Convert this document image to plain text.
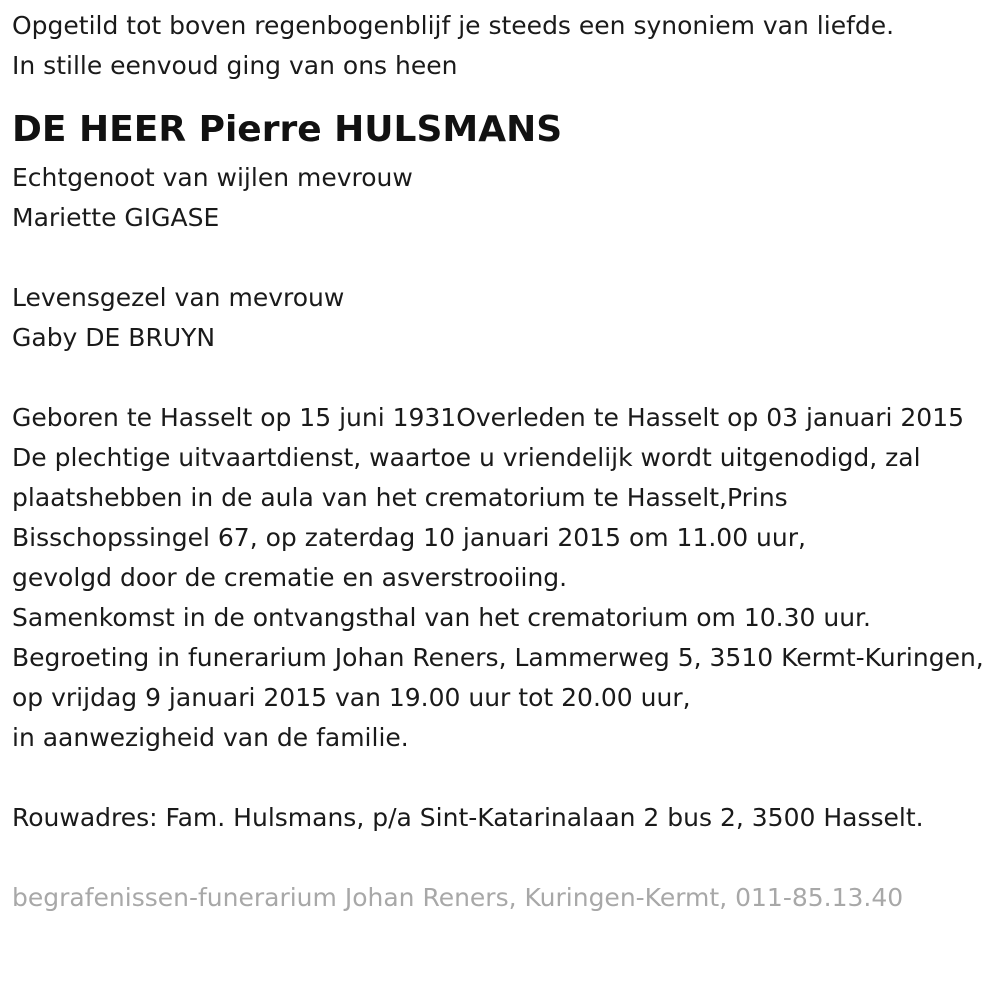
Opgetild tot boven regenbogenblijf je steeds een synoniem van liefde.

In stille eenvoud ging van ons heen

DE HEER Pierre HULSMANS

Echtgenoot van wijlen mevrouw

Mariette GIGASE

Levensgezel van mevrouw

Gaby DE BRUYN

Geboren te Hasselt op 15 juni 1931Overleden te Hasselt op 03 januari 2015

De plechtige uitvaartdienst, waartoe u vriendelijk wordt uitgenodigd, zal plaatshebben in de aula van het crematorium te Hasselt,Prins Bisschopssingel 67, op zaterdag 10 januari 2015 om 11.00 uur,

gevolgd door de crematie en asverstrooiing.

Samenkomst in de ontvangsthal van het crematorium om 10.30 uur.

Begroeting in funerarium Johan Reners, Lammerweg 5, 3510 Kermt-Kuringen, op vrijdag 9 januari 2015 van 19.00 uur tot 20.00 uur,

in aanwezigheid van de familie.

Rouwadres: Fam. Hulsmans, p/a Sint-Katarinalaan 2 bus 2, 3500 Hasselt.

begrafenissen-funerarium Johan Reners, Kuringen-Kermt, 011-85.13.40
